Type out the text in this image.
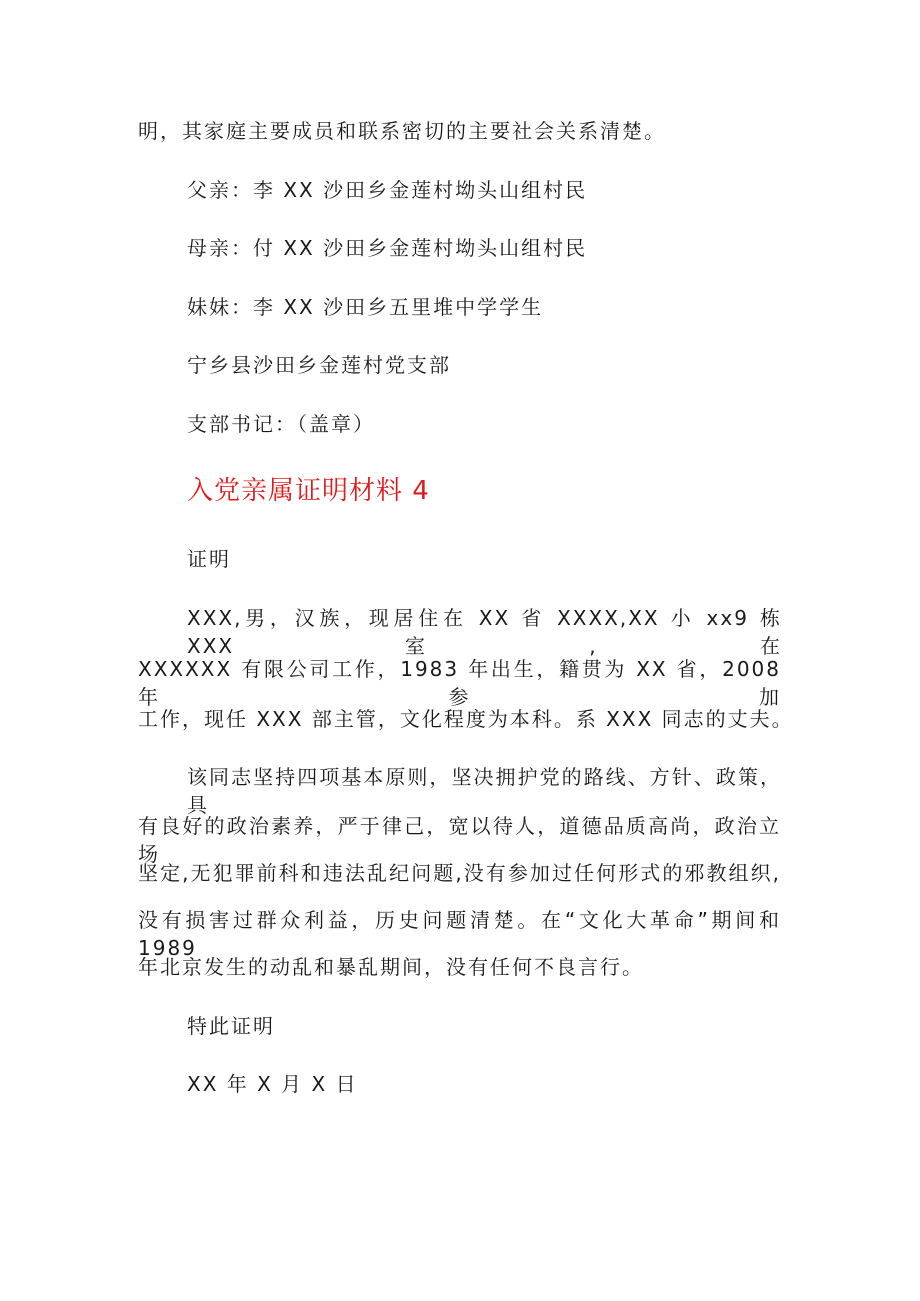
明，其家庭主要成员和联系密切的主要社会关系清楚。
父亲：李 XX 沙田乡金莲村坳头山组村民
母亲：付 XX 沙田乡金莲村坳头山组村民
妹妹：李 XX 沙田乡五里堆中学学生
宁乡县沙田乡金莲村党支部
支部书记：（盖章）
入党亲属证明材料 4
证明
XXX,男，汉族，现居住在 XX 省 XXXX,XX 小 xx9 栋 XXX 室,在
XXXXXX 有限公司工作，1983 年出生，籍贯为 XX 省，2008 年参加
工作，现任 XXX 部主管，文化程度为本科。系 XXX 同志的丈夫。
该同志坚持四项基本原则，坚决拥护党的路线、方针、政策，具
有良好的政治素养，严于律己，宽以待人，道德品质高尚，政治立场
坚定,无犯罪前科和违法乱纪问题,没有参加过任何形式的邪教组织,
没有损害过群众利益，历史问题清楚。在“文化大革命”期间和 1989
年北京发生的动乱和暴乱期间，没有任何不良言行。
特此证明
XX 年 X 月 X 日
